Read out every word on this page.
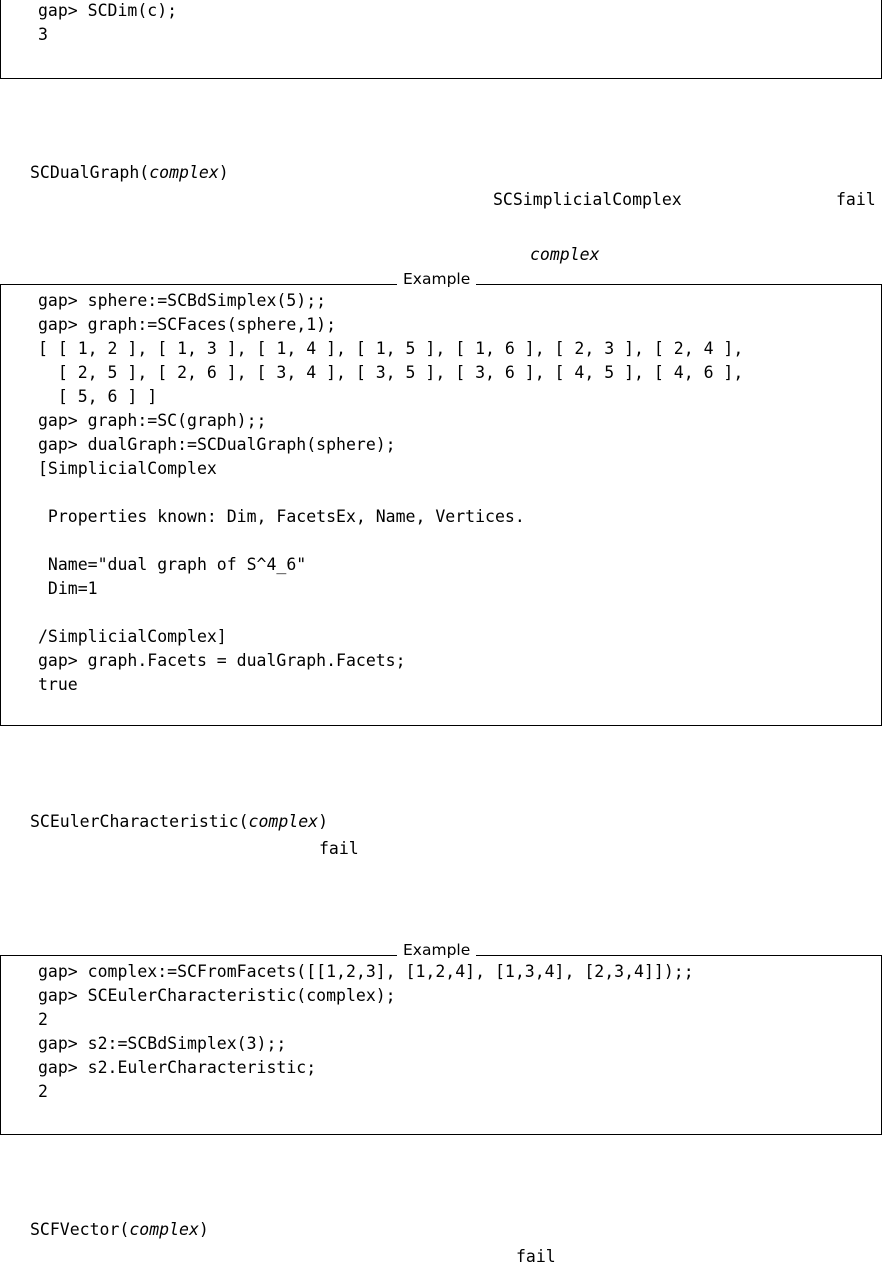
gap> SCDim(c);
3
SCDualGraph(complex)
SCSimplicialComplex	fail
complex
gap> sphere:=SCBdSimplex(5);;
gap> graph:=SCFaces(sphere,1);
[ [ 1, 2 ], [ 1, 3 ], [ 1, 4 ], [ 1, 5 ], [ 1, 6 ], [ 2, 3 ], [ 2, 4 ],
[ 2, 5 ], [ 2, 6 ], [ 3, 4 ], [ 3, 5 ], [ 3, 6 ], [ 4, 5 ], [ 4, 6 ],
[ 5, 6 ] ]
gap> graph:=SC(graph);;
gap> dualGraph:=SCDualGraph(sphere);
[SimplicialComplex
Properties known: Dim, FacetsEx, Name, Vertices.
Name="dual graph of S^4_6"
Dim=1
/SimplicialComplex]
gap> graph.Facets = dualGraph.Facets;
true
Example
SCEulerCharacteristic(complex)
fail
gap> complex:=SCFromFacets([[1,2,3], [1,2,4], [1,3,4], [2,3,4]]);;
gap> SCEulerCharacteristic(complex);
2
gap> s2:=SCBdSimplex(3);;
gap> s2.EulerCharacteristic;
2
Example
SCFVector(complex)
fail
